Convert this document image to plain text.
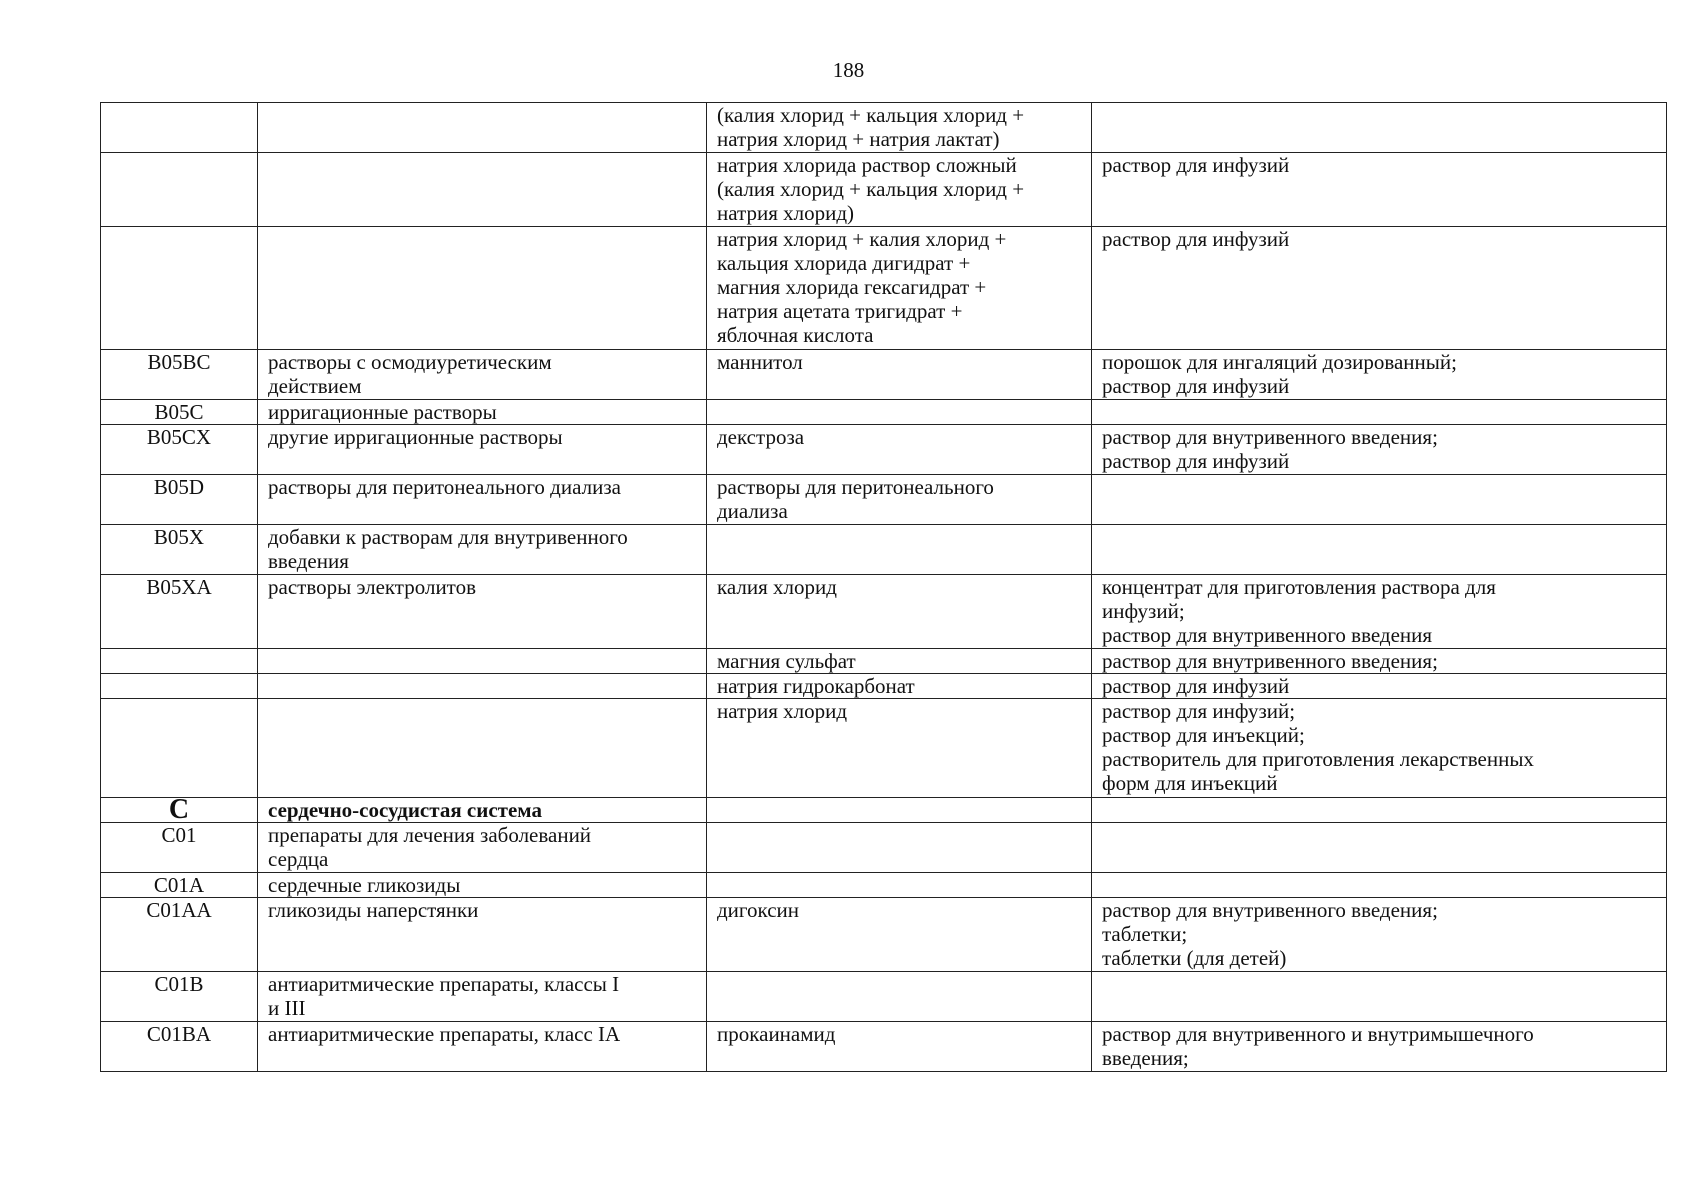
188

		(калия хлорид + кальция хлорид +
натрия хлорид + натрия лактат)	

		натрия хлорида раствор сложный
(калия хлорид + кальция хлорид +
натрия хлорид)	раствор для инфузий

		натрия хлорид + калия хлорид +
кальция хлорида дигидрат +
магния хлорида гексагидрат +
натрия ацетата тригидрат +
яблочная кислота	раствор для инфузий

B05BC	растворы с осмодиуретическим
действием	маннитол	порошок для ингаляций дозированный;
раствор для инфузий

B05C	ирригационные растворы		

B05CX	другие ирригационные растворы	декстроза	раствор для внутривенного введения;
раствор для инфузий

B05D	растворы для перитонеального диализа	растворы для перитонеального
диализа	

B05X	добавки к растворам для внутривенного
введения		

B05XA	растворы электролитов	калия хлорид	концентрат для приготовления раствора для
инфузий;
раствор для внутривенного введения

		магния сульфат	раствор для внутривенного введения;

		натрия гидрокарбонат	раствор для инфузий

		натрия хлорид	раствор для инфузий;
раствор для инъекций;
растворитель для приготовления лекарственных
форм для инъекций

C	сердечно-сосудистая система		

C01	препараты для лечения заболеваний
сердца		

C01A	сердечные гликозиды		

C01AA	гликозиды наперстянки	дигоксин	раствор для внутривенного введения;
таблетки;
таблетки (для детей)

C01B	антиаритмические препараты, классы I
и III		

C01BA	антиаритмические препараты, класс IA	прокаинамид	раствор для внутривенного и внутримышечного
введения;
